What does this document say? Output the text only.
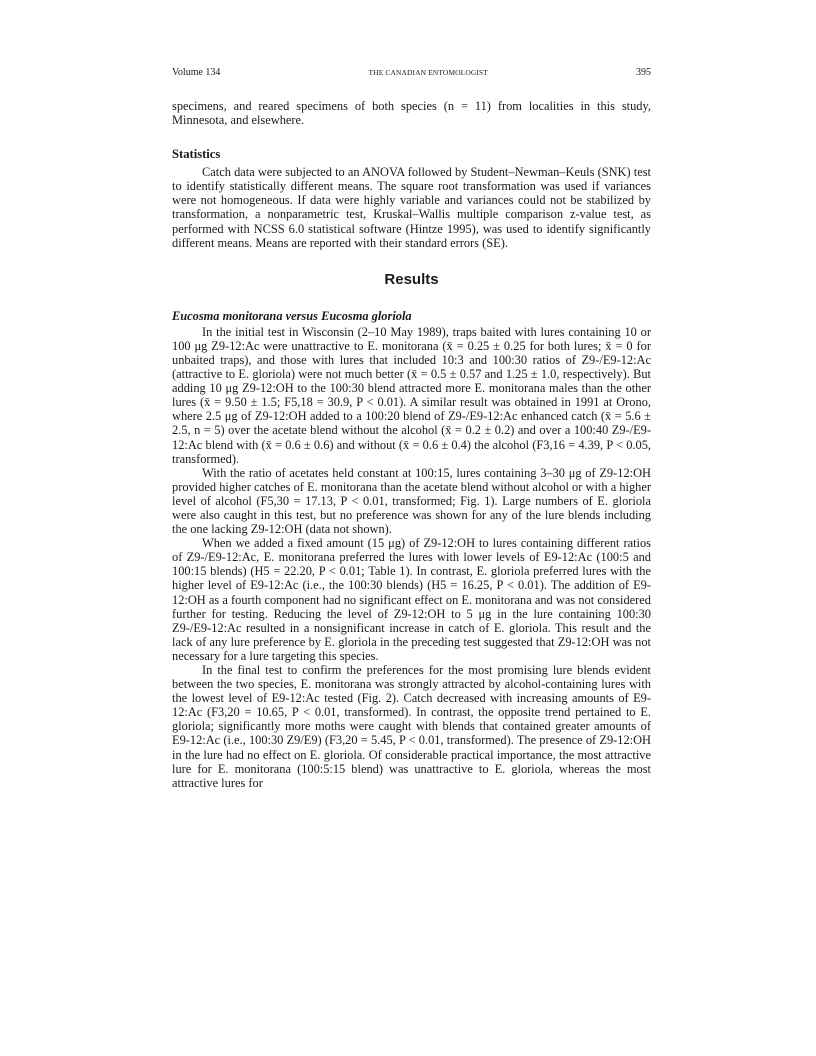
Volume 134	THE CANADIAN ENTOMOLOGIST	395

specimens, and reared specimens of both species (n = 11) from localities in this study, Minnesota, and elsewhere.

Statistics

Catch data were subjected to an ANOVA followed by Student–Newman–Keuls (SNK) test to identify statistically different means. The square root transformation was used if variances were not homogeneous. If data were highly variable and variances could not be stabilized by transformation, a nonparametric test, Kruskal–Wallis multiple comparison z-value test, as performed with NCSS 6.0 statistical software (Hintze 1995), was used to identify significantly different means. Means are reported with their standard errors (SE).

Results
Eucosma monitorana versus Eucosma gloriola

In the initial test in Wisconsin (2–10 May 1989), traps baited with lures containing 10 or 100 μg Z9-12:Ac were unattractive to E. monitorana (x̄ = 0.25 ± 0.25 for both lures; x̄ = 0 for unbaited traps), and those with lures that included 10:3 and 100:30 ratios of Z9-/E9-12:Ac (attractive to E. gloriola) were not much better (x̄ = 0.5 ± 0.57 and 1.25 ± 1.0, respectively). But adding 10 μg Z9-12:OH to the 100:30 blend attracted more E. monitorana males than the other lures (x̄ = 9.50 ± 1.5; F5,18 = 30.9, P < 0.01). A similar result was obtained in 1991 at Orono, where 2.5 μg of Z9-12:OH added to a 100:20 blend of Z9-/E9-12:Ac enhanced catch (x̄ = 5.6 ± 2.5, n = 5) over the acetate blend without the alcohol (x̄ = 0.2 ± 0.2) and over a 100:40 Z9-/E9-12:Ac blend with (x̄ = 0.6 ± 0.6) and without (x̄ = 0.6 ± 0.4) the alcohol (F3,16 = 4.39, P < 0.05, transformed).

With the ratio of acetates held constant at 100:15, lures containing 3–30 μg of Z9-12:OH provided higher catches of E. monitorana than the acetate blend without alcohol or with a higher level of alcohol (F5,30 = 17.13, P < 0.01, transformed; Fig. 1). Large numbers of E. gloriola were also caught in this test, but no preference was shown for any of the lure blends including the one lacking Z9-12:OH (data not shown).

When we added a fixed amount (15 μg) of Z9-12:OH to lures containing different ratios of Z9-/E9-12:Ac, E. monitorana preferred the lures with lower levels of E9-12:Ac (100:5 and 100:15 blends) (H5 = 22.20, P < 0.01; Table 1). In contrast, E. gloriola preferred lures with the higher level of E9-12:Ac (i.e., the 100:30 blends) (H5 = 16.25, P < 0.01). The addition of E9-12:OH as a fourth component had no significant effect on E. monitorana and was not considered further for testing. Reducing the level of Z9-12:OH to 5 μg in the lure containing 100:30 Z9-/E9-12:Ac resulted in a nonsignificant increase in catch of E. gloriola. This result and the lack of any lure preference by E. gloriola in the preceding test suggested that Z9-12:OH was not necessary for a lure targeting this species.

In the final test to confirm the preferences for the most promising lure blends evident between the two species, E. monitorana was strongly attracted by alcohol-containing lures with the lowest level of E9-12:Ac tested (Fig. 2). Catch decreased with increasing amounts of E9-12:Ac (F3,20 = 10.65, P < 0.01, transformed). In contrast, the opposite trend pertained to E. gloriola; significantly more moths were caught with blends that contained greater amounts of E9-12:Ac (i.e., 100:30 Z9/E9) (F3,20 = 5.45, P < 0.01, transformed). The presence of Z9-12:OH in the lure had no effect on E. gloriola. Of considerable practical importance, the most attractive lure for E. monitorana (100:5:15 blend) was unattractive to E. gloriola, whereas the most attractive lures for
